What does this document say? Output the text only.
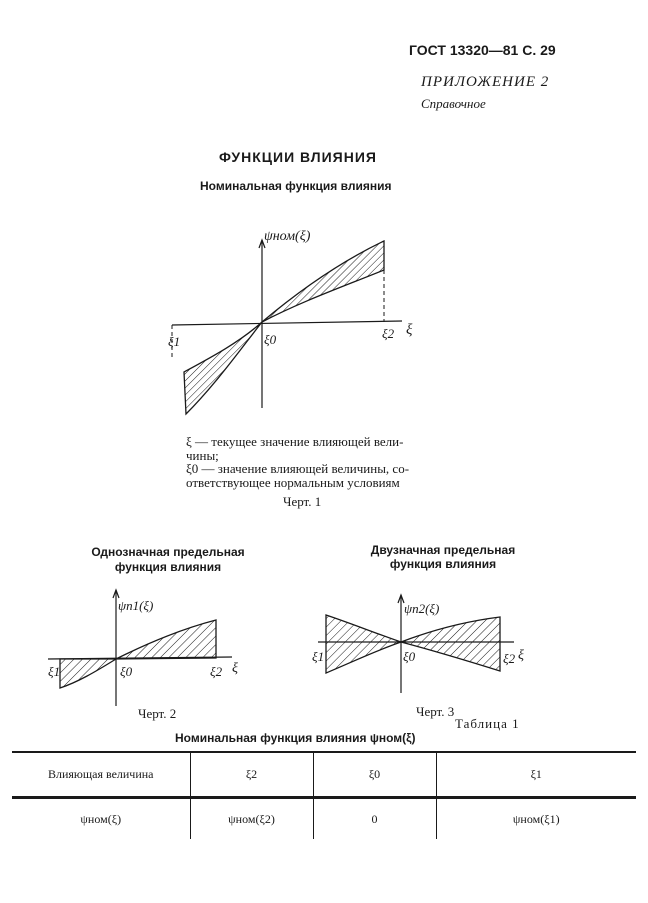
ГОСТ 13320—81 С. 29
ПРИЛОЖЕНИЕ 2
Справочное
ФУНКЦИИ ВЛИЯНИЯ
Номинальная функция влияния
ψном(ξ)
ξ
ξ0
ξ1
ξ2
ξ — текущее значение влияющей вели-
чины;
ξ0 — значение влияющей величины, со-
ответствующее нормальным условиям
Черт. 1
Однозначная предельная
функция влияния
ψп1(ξ)
ξ
ξ0
ξ1	ξ2
Черт. 2
Двузначная предельная
функция влияния
ψп2(ξ)
ξ
ξ0
ξ1	ξ2
Черт. 3
Таблица 1
Номинальная функция влияния ψном(ξ)
Влияющая величина	ξ2	ξ0	ξ1
ψном(ξ)	ψном(ξ2)	0	ψном(ξ1)
